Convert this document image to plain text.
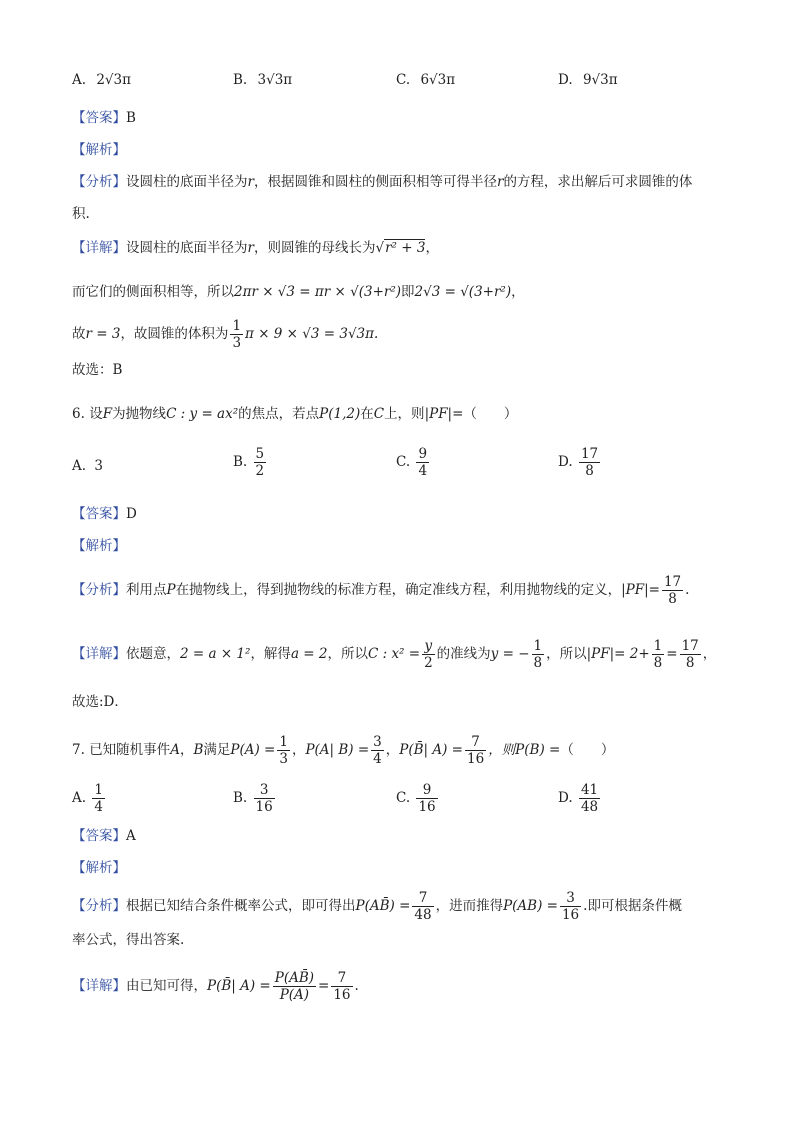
A. 2√3π	B. 3√3π	C. 6√3π	D. 9√3π
【答案】B
【解析】
【分析】设圆柱的底面半径为r，根据圆锥和圆柱的侧面积相等可得半径r的方程，求出解后可求圆锥的体
积.
【详解】设圆柱的底面半径为r，则圆锥的母线长为√r² + 3，
而它们的侧面积相等，所以2πr × √3 = πr × √(3+r²)即2√3 = √(3+r²)，
故r = 3，故圆锥的体积为 $\frac{1}{3}$ π × 9 × √3 = 3√3π.
故选：B
6. 设F为抛物线C : y = ax²的焦点，若点P(1,2)在C上，则|PF|=（　　）
A. 3	B. $\frac{5}{2}$	C. $\frac{9}{4}$	D. $\frac{17}{8}$
【答案】D
【解析】
【分析】利用点P在抛物线上，得到抛物线的标准方程，确定准线方程，利用抛物线的定义，$|PF|= \frac{17}{8}$ .
【详解】依题意，2 = a × 1²，解得a = 2，所以C : $x^2 = \frac{y}{2}$ 的准线为y = − $\frac{1}{8}$ ，所以$|PF|= 2+ \frac{1}{8} = \frac{17}{8}$ ，
故选:D．
7. 已知随机事件A，B满足$P(A) = \frac{1}{3}$ ，P(A| $B) = \frac{3}{4}$ ，P(B̄| $A) = \frac{7}{16}$ ，则P(B) =（　　）
A. $\frac{1}{4}$	B. $\frac{3}{16}$	C. $\frac{9}{16}$	D. $\frac{41}{48}$
【答案】A
【解析】
【分析】根据已知结合条件概率公式，即可得出P(AB̄) = $\frac{7}{48}$ ，进而推得$P(AB) = \frac{3}{16}$ .即可根据条件概
率公式，得出答案.
【详解】由已知可得，P(B̄| $A) = \frac{P(AB̄)}{P(A)} = \frac{7}{16}$ .
